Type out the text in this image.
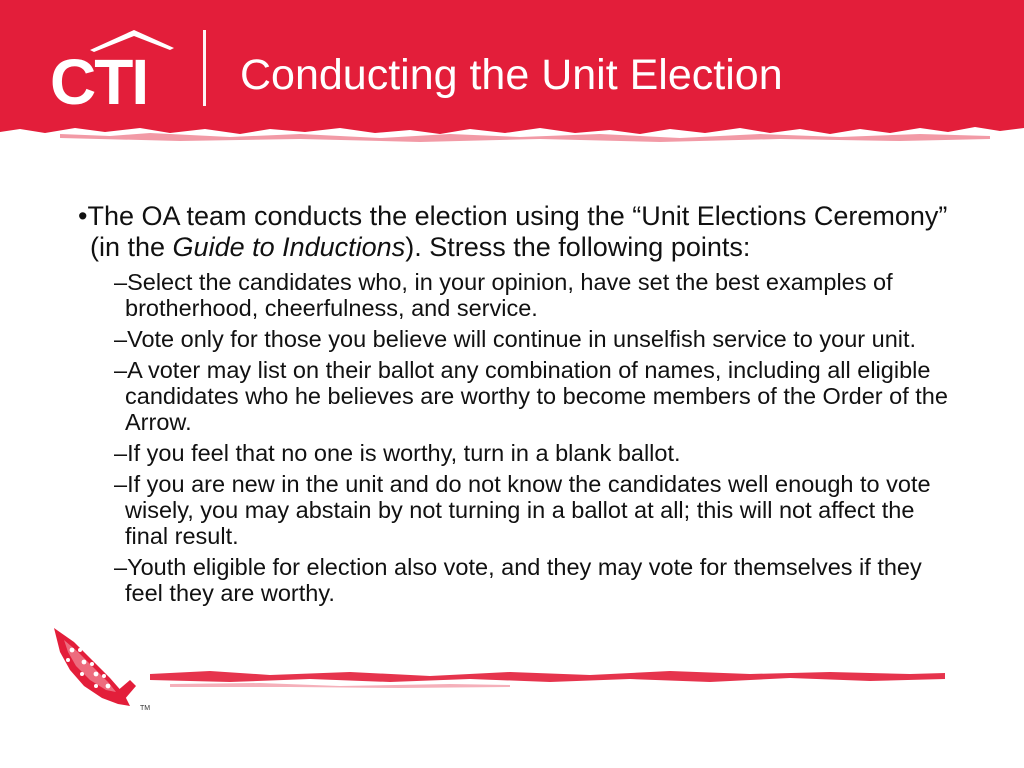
CTI Conducting the Unit Election

•The OA team conducts the election using the “Unit Elections Ceremony” (in the Guide to Inductions). Stress the following points:

–Select the candidates who, in your opinion, have set the best examples of brotherhood, cheerfulness, and service.
–Vote only for those you believe will continue in unselfish service to your unit.
–A voter may list on their ballot any combination of names, including all eligible candidates who he believes are worthy to become members of the Order of the Arrow.
–If you feel that no one is worthy, turn in a blank ballot.
–If you are new in the unit and do not know the candidates well enough to vote wisely, you may abstain by not turning in a ballot at all; this will not affect the final result.
–Youth eligible for election also vote, and they may vote for themselves if they feel they are worthy.
TM
